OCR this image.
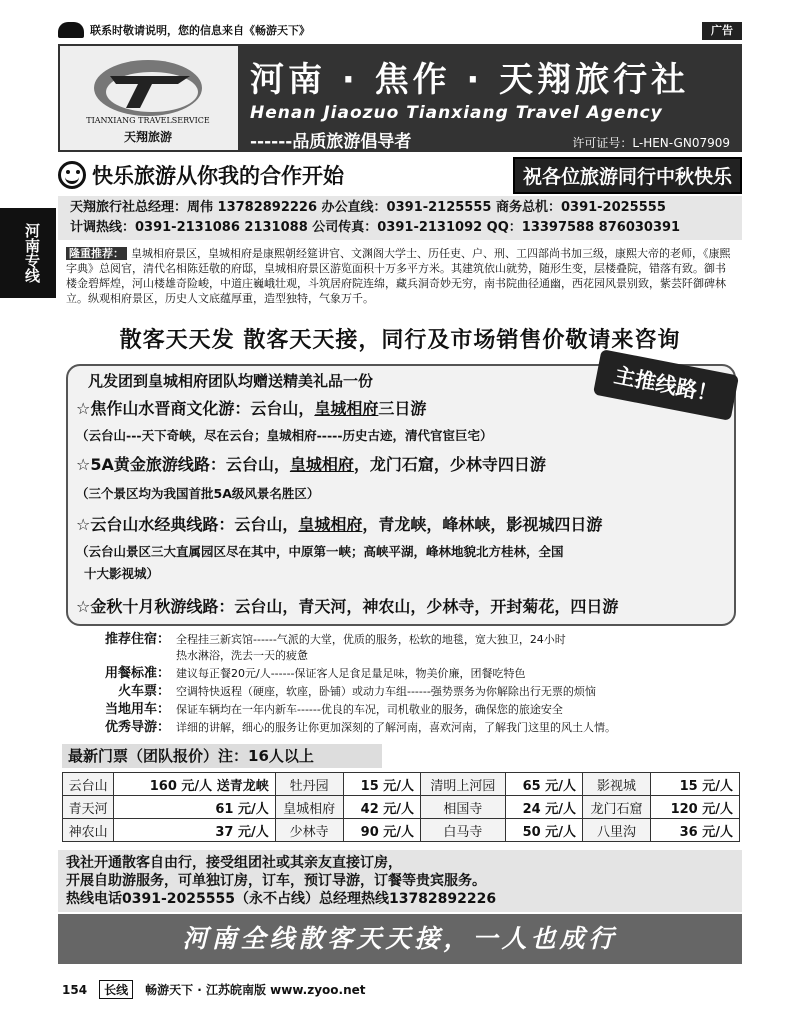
联系时敬请说明，您的信息来自《畅游天下》	广告
河南专线
TIANXIANG TRAVELSERVICE
天翔旅游
河南 · 焦作 · 天翔旅行社
Henan Jiaozuo Tianxiang Travel Agency
------品质旅游倡导者	许可证号：L-HEN-GN07909
快乐旅游从你我的合作开始	祝各位旅游同行中秋快乐
天翔旅行社总经理：周伟 13782892226 办公直线：0391-2125555 商务总机：0391-2025555
计调热线：0391-2131086 2131088 公司传真：0391-2131092 QQ：13397588 876030391
隆重推荐： 皇城相府景区，皇城相府是康熙朝经筵讲官、文渊阁大学士、历任吏、户、刑、工四部尚书加三级，康熙大帝的老师，《康熙字典》总阅官，清代名相陈廷敬的府邸，皇城相府景区游览面积十万多平方米。其建筑依山就势，随形生变，层楼叠院，错落有致。御书楼金碧辉煌，河山楼雄奇险峻，中道庄巍峨壮观，斗筑居府院连绵，藏兵洞奇妙无穷，南书院曲径通幽，西花园风景别致，紫芸阡御碑林立。纵观相府景区，历史人文底蕴厚重，造型独特，气象万千。
散客天天发 散客天天接，同行及市场销售价敬请来咨询
凡发团到皇城相府团队均赠送精美礼品一份	主推线路！
☆焦作山水晋商文化游：云台山，皇城相府三日游
（云台山---天下奇峡，尽在云台；皇城相府-----历史古迹，清代官宦巨宅）
☆5A黄金旅游线路：云台山，皇城相府，龙门石窟，少林寺四日游
（三个景区均为我国首批5A级风景名胜区）
☆云台山水经典线路：云台山，皇城相府，青龙峡，峰林峡，影视城四日游
（云台山景区三大直属园区尽在其中，中原第一峡；高峡平湖，峰林地貌北方桂林，全国
十大影视城）
☆金秋十月秋游线路：云台山，青天河，神农山，少林寺，开封菊花，四日游
推荐住宿： 全程挂三新宾馆------气派的大堂，优质的服务，松软的地毯，宽大独卫，24小时
热水淋浴，洗去一天的疲惫
用餐标准： 建议每正餐20元/人------保证客人足食足量足味，物美价廉，团餐吃特色
火车票： 空调特快返程（硬座，软座，卧铺）或动力车组------强势票务为你解除出行无票的烦恼
当地用车： 保证车辆均在一年内新车------优良的车况，司机敬业的服务，确保您的旅途安全
优秀导游： 详细的讲解，细心的服务让你更加深刻的了解河南，喜欢河南，了解我门这里的风土人情。
最新门票（团队报价）注：16人以上
云台山	160 元/人 送青龙峡	牡丹园	15 元/人	清明上河园	65 元/人	影视城	15 元/人
青天河	61 元/人	皇城相府	42 元/人	相国寺	24 元/人	龙门石窟	120 元/人
神农山	37 元/人	少林寺	90 元/人	白马寺	50 元/人	八里沟	36 元/人
我社开通散客自由行，接受组团社或其亲友直接订房，
开展自助游服务，可单独订房，订车，预订导游，订餐等贵宾服务。
热线电话0391-2025555（永不占线）总经理热线13782892226
河南全线散客天天接，一人也成行
154	长线	畅游天下 · 江苏皖南版 www.zyoo.net
